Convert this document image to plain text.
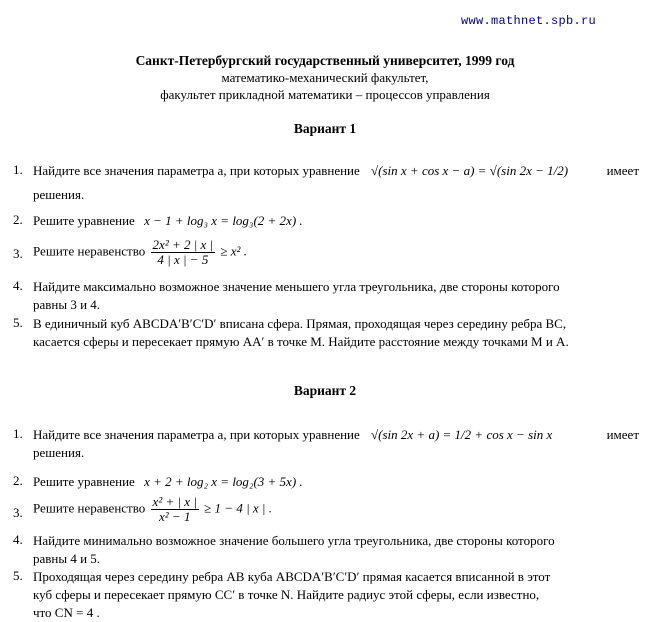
www.mathnet.spb.ru
Санкт-Петербургский государственный университет, 1999 год
математико-механический факультет,
факультет прикладной математики – процессов управления
Вариант 1
1. Найдите все значения параметра a, при которых уравнение √(sin x + cos x − a) = √(sin 2x − 1/2)	имеет
решения.
2. Решите уравнение x − 1 + log₃ x = log₃(2 + 2x) .
3. Решите неравенство $\frac{\text{2x² + 2 | x |}}{4 | x | - 5} \ge x^2$ .
4. Найдите максимально возможное значение меньшего угла треугольника, две стороны которого
равны 3 и 4.
5. В единичный куб ABCDA′B′C′D′ вписана сфера. Прямая, проходящая через середину ребра BC,
касается сферы и пересекает прямую AA′ в точке M. Найдите расстояние между точками M и A.
Вариант 2
1. Найдите все значения параметра a, при которых уравнение √(sin 2x + a) = 1/2 + cos x − sin x	имеет
решения.
2. Решите уравнение x + 2 + log₂ x = log₂(3 + 5x) .
3. Решите неравенство $\frac{\text{x² + | x |}}{\text{x² − 1}} \ge 1 - 4$ | x | .
4. Найдите минимально возможное значение большего угла треугольника, две стороны которого
равны 4 и 5.
5. Проходящая через середину ребра AB куба ABCDA′B′C′D′ прямая касается вписанной в этот
куб сферы и пересекает прямую CC′ в точке N. Найдите радиус этой сферы, если известно,
что CN = 4 .
